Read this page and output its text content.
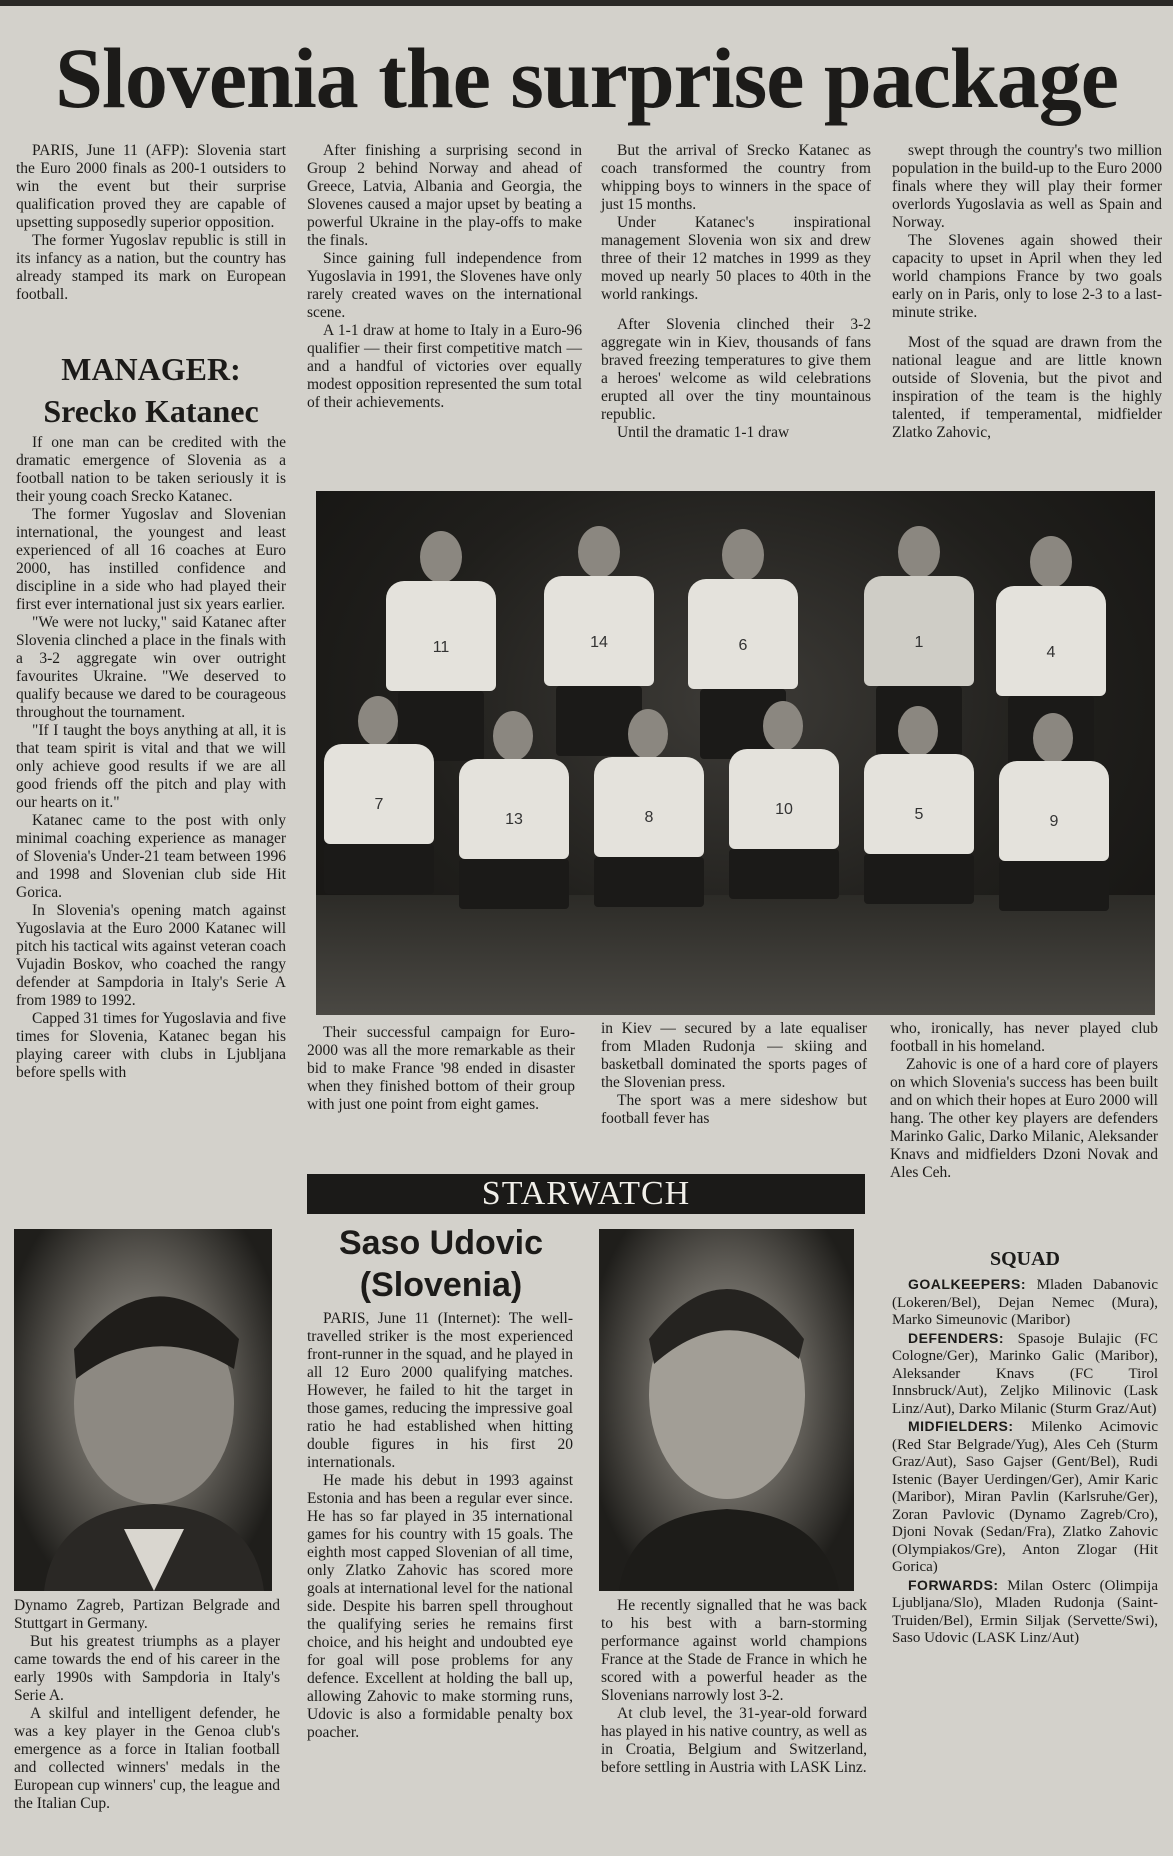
Slovenia the surprise package

PARIS, June 11 (AFP): Slovenia start the Euro 2000 finals as 200-1 outsiders to win the event but their surprise qualification proved they are capable of upsetting supposedly superior opposition.

The former Yugoslav republic is still in its infancy as a nation, but the country has already stamped its mark on European football.

MANAGER:
Srecko Katanec

If one man can be credited with the dramatic emergence of Slovenia as a football nation to be taken seriously it is their young coach Srecko Katanec.

The former Yugoslav and Slovenian international, the youngest and least experienced of all 16 coaches at Euro 2000, has instilled confidence and discipline in a side who had played their first ever international just six years earlier.

"We were not lucky," said Katanec after Slovenia clinched a place in the finals with a 3-2 aggregate win over outright favourites Ukraine. "We deserved to qualify because we dared to be courageous throughout the tournament.

"If I taught the boys anything at all, it is that team spirit is vital and that we will only achieve good results if we are all good friends off the pitch and play with our hearts on it."

Katanec came to the post with only minimal coaching experience as manager of Slovenia's Under-21 team between 1996 and 1998 and Slovenian club side Hit Gorica.

In Slovenia's opening match against Yugoslavia at the Euro 2000 Katanec will pitch his tactical wits against veteran coach Vujadin Boskov, who coached the rangy defender at Sampdoria in Italy's Serie A from 1989 to 1992.

Capped 31 times for Yugoslavia and five times for Slovenia, Katanec began his playing career with clubs in Ljubljana before spells with

Dynamo Zagreb, Partizan Belgrade and Stuttgart in Germany.

But his greatest triumphs as a player came towards the end of his career in the early 1990s with Sampdoria in Italy's Serie A.

A skilful and intelligent defender, he was a key player in the Genoa club's emergence as a force in Italian football and collected winners' medals in the European cup winners' cup, the league and the Italian Cup.

After finishing a surprising second in Group 2 behind Norway and ahead of Greece, Latvia, Albania and Georgia, the Slovenes caused a major upset by beating a powerful Ukraine in the play-offs to make the finals.

Since gaining full independence from Yugoslavia in 1991, the Slovenes have only rarely created waves on the international scene.

A 1-1 draw at home to Italy in a Euro-96 qualifier — their first competitive match — and a handful of victories over equally modest opposition represented the sum total of their achievements.

But the arrival of Srecko Katanec as coach transformed the country from whipping boys to winners in the space of just 15 months.

Under Katanec's inspirational management Slovenia won six and drew three of their 12 matches in 1999 as they moved up nearly 50 places to 40th in the world rankings.

After Slovenia clinched their 3-2 aggregate win in Kiev, thousands of fans braved freezing temperatures to give them a heroes' welcome as wild celebrations erupted all over the tiny mountainous republic.

Until the dramatic 1-1 draw

swept through the country's two million population in the build-up to the Euro 2000 finals where they will play their former overlords Yugoslavia as well as Spain and Norway.

The Slovenes again showed their capacity to upset in April when they led world champions France by two goals early on in Paris, only to lose 2-3 to a last-minute strike.

Most of the squad are drawn from the national league and are little known outside of Slovenia, but the pivot and inspiration of the team is the highly talented, if temperamental, midfielder Zlatko Zahovic,

11	14	6	1
4
7
13	8	10	5	9

Their successful campaign for Euro-2000 was all the more remarkable as their bid to make France '98 ended in disaster when they finished bottom of their group with just one point from eight games.

in Kiev — secured by a late equaliser from Mladen Rudonja — skiing and basketball dominated the sports pages of the Slovenian press.

The sport was a mere sideshow but football fever has

who, ironically, has never played club football in his homeland.

Zahovic is one of a hard core of players on which Slovenia's success has been built and on which their hopes at Euro 2000 will hang. The other key players are defenders Marinko Galic, Darko Milanic, Aleksander Knavs and midfielders Dzoni Novak and Ales Ceh.

STARWATCH
Saso Udovic
(Slovenia)

PARIS, June 11 (Internet): The well-travelled striker is the most experienced front-runner in the squad, and he played in all 12 Euro 2000 qualifying matches. However, he failed to hit the target in those games, reducing the impressive goal ratio he had established when hitting double figures in his first 20 internationals.

He made his debut in 1993 against Estonia and has been a regular ever since. He has so far played in 35 international games for his country with 15 goals. The eighth most capped Slovenian of all time, only Zlatko Zahovic has scored more goals at international level for the national side. Despite his barren spell throughout the qualifying series he remains first choice, and his height and undoubted eye for goal will pose problems for any defence. Excellent at holding the ball up, allowing Zahovic to make storming runs, Udovic is also a formidable penalty box poacher.

He recently signalled that he was back to his best with a barn-storming performance against world champions France at the Stade de France in which he scored with a powerful header as the Slovenians narrowly lost 3-2.

At club level, the 31-year-old forward has played in his native country, as well as in Croatia, Belgium and Switzerland, before settling in Austria with LASK Linz.

SQUAD

GOALKEEPERS: Mladen Dabanovic (Lokeren/Bel), Dejan Nemec (Mura), Marko Simeunovic (Maribor)

DEFENDERS: Spasoje Bulajic (FC Cologne/Ger), Marinko Galic (Maribor), Aleksander Knavs (FC Tirol Innsbruck/Aut), Zeljko Milinovic (Lask Linz/Aut), Darko Milanic (Sturm Graz/Aut)

MIDFIELDERS: Milenko Acimovic (Red Star Belgrade/Yug), Ales Ceh (Sturm Graz/Aut), Saso Gajser (Gent/Bel), Rudi Istenic (Bayer Uerdingen/Ger), Amir Karic (Maribor), Miran Pavlin (Karlsruhe/Ger), Zoran Pavlovic (Dynamo Zagreb/Cro), Djoni Novak (Sedan/Fra), Zlatko Zahovic (Olympiakos/Gre), Anton Zlogar (Hit Gorica)

FORWARDS: Milan Osterc (Olimpija Ljubljana/Slo), Mladen Rudonja (Saint-Truiden/Bel), Ermin Siljak (Servette/Swi), Saso Udovic (LASK Linz/Aut)
